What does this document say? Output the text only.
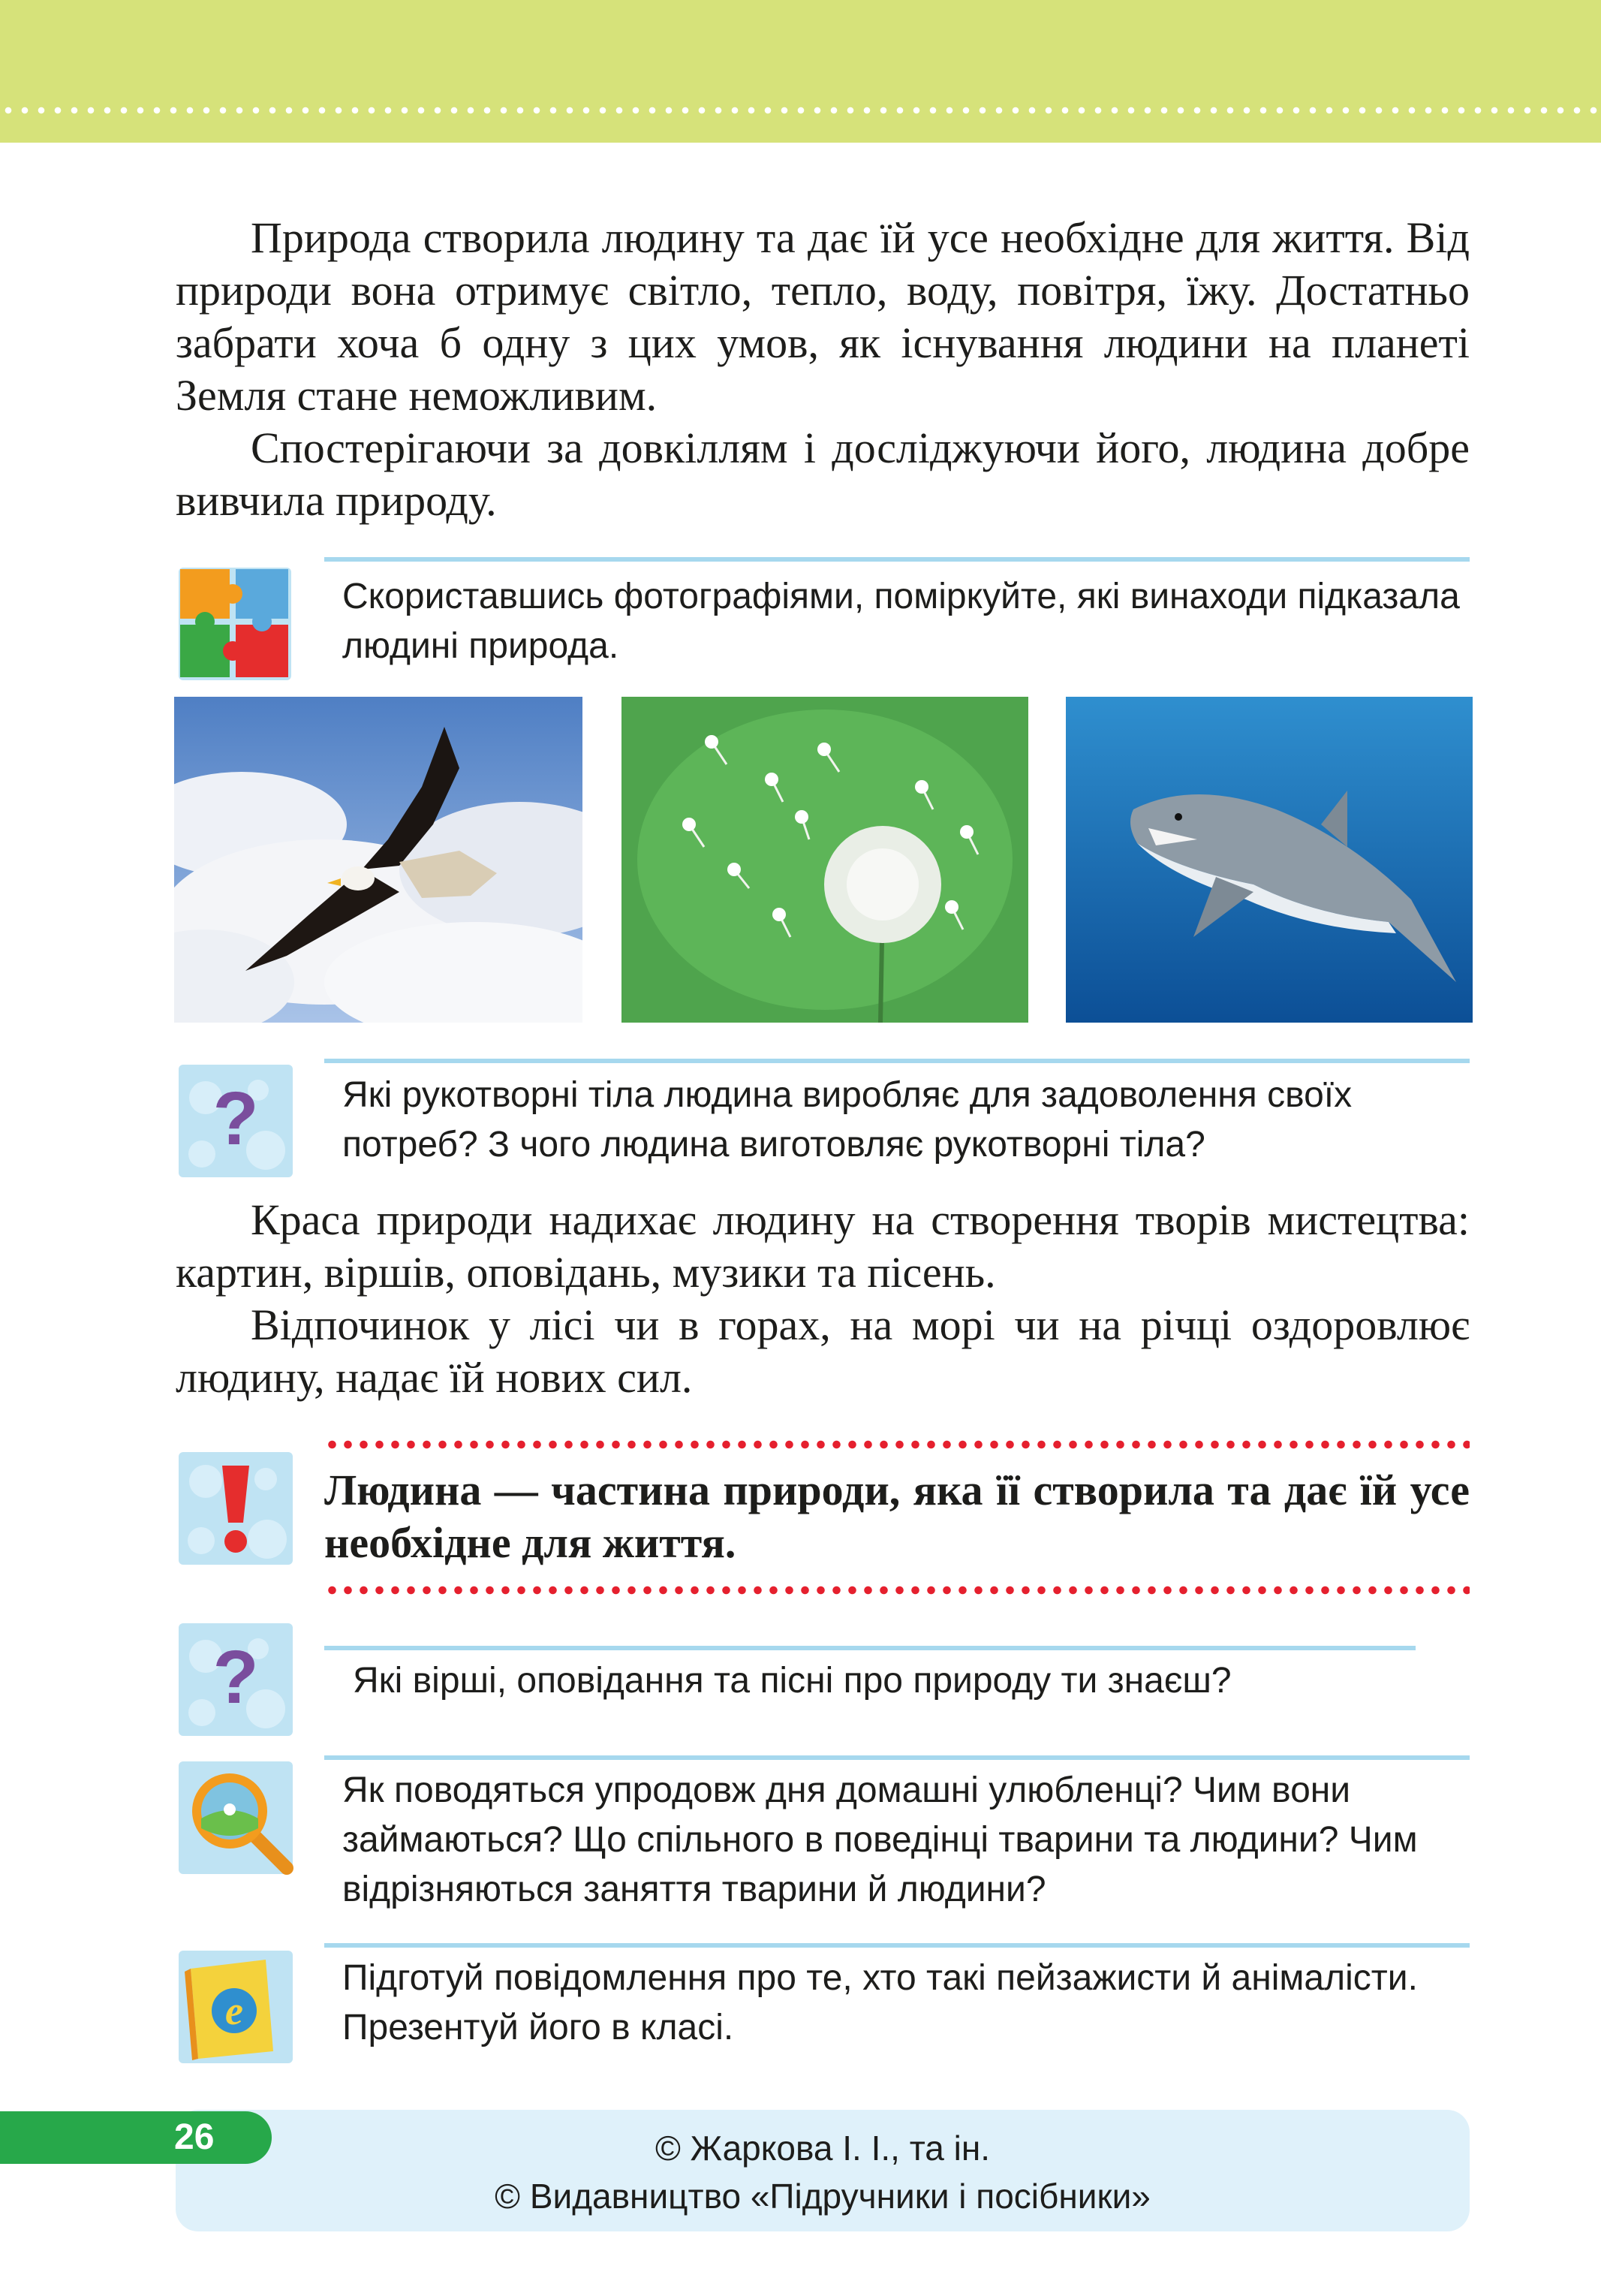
Природа створила людину та дає їй усе необхідне для життя. Від природи вона отримує світло, тепло, воду, повітря, їжу. Достатньо забрати хоча б одну з цих умов, як існування людини на планеті Земля стане неможливим.
Спостерігаючи за довкіллям і досліджуючи його, людина добре вивчила природу.

Скориставшись фотографіями, поміркуйте, які винаходи підказала людині природа.

? Які рукотворні тіла людина виробляє для задоволення своїх потреб? З чого людина виготовляє рукотворні тіла?

Краса природи надихає людину на створення творів мистецтва: картин, віршів, оповідань, музики та пісень.
Відпочинок у лісі чи в горах, на морі чи на річці оздоровлює людину, надає їй нових сил.

Людина — частина природи, яка її створила та дає їй усе необхідне для життя.

?	Які вірші, оповідання та пісні про природу ти знаєш?

Як поводяться упродовж дня домашні улюбленці? Чим вони займаються? Що спільного в поведінці тварини та людини? Чим відрізняються заняття тварини й людини?

e

Підготуй повідомлення про те, хто такі пейзажисти й анімалісти. Презентуй його в класі.

26	© Жаркова І. І., та ін.
© Видавництво «Підручники і посібники»
